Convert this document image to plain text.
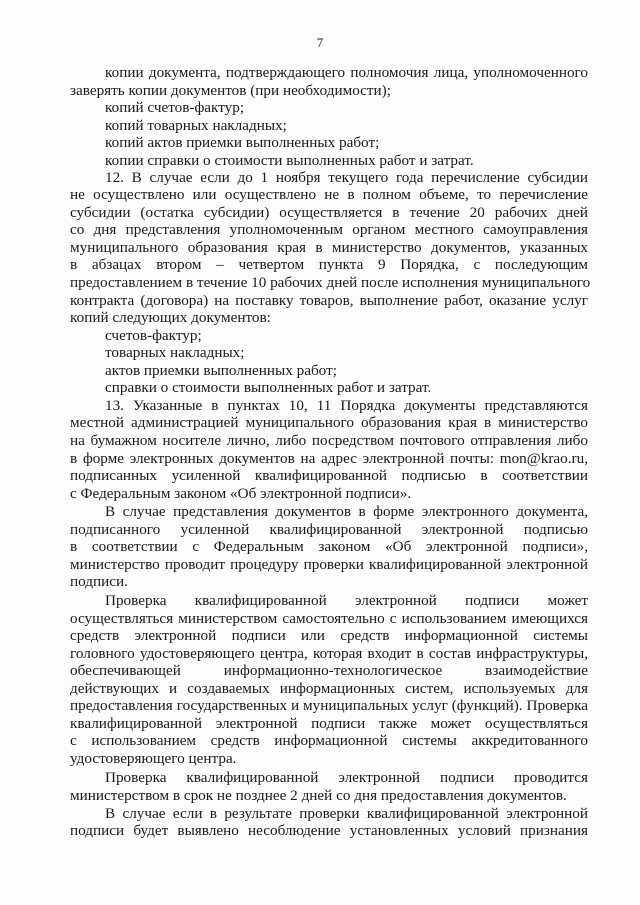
7
копии документа, подтверждающего полномочия лица, уполномоченного
заверять копии документов (при необходимости);
копий счетов-фактур;
копий товарных накладных;
копий актов приемки выполненных работ;
копии справки о стоимости выполненных работ и затрат.
12. В случае если до 1 ноября текущего года перечисление субсидии
не осуществлено или осуществлено не в полном объеме, то перечисление
субсидии (остатка субсидии) осуществляется в течение 20 рабочих дней
со дня представления уполномоченным органом местного самоуправления
муниципального образования края в министерство документов, указанных
в абзацах втором – четвертом пункта 9 Порядка, с последующим
предоставлением в течение 10 рабочих дней после исполнения муниципального
контракта (договора) на поставку товаров, выполнение работ, оказание услуг
копий следующих документов:
счетов-фактур;
товарных накладных;
актов приемки выполненных работ;
справки о стоимости выполненных работ и затрат.
13. Указанные в пунктах 10, 11 Порядка документы представляются
местной администрацией муниципального образования края в министерство
на бумажном носителе лично, либо посредством почтового отправления либо
в форме электронных документов на адрес электронной почты: mon@krao.ru,
подписанных усиленной квалифицированной подписью в соответствии
с Федеральным законом «Об электронной подписи».
В случае представления документов в форме электронного документа,
подписанного усиленной квалифицированной электронной подписью
в соответствии с Федеральным законом «Об электронной подписи»,
министерство проводит процедуру проверки квалифицированной электронной
подписи.
Проверка квалифицированной электронной подписи может
осуществляться министерством самостоятельно с использованием имеющихся
средств электронной подписи или средств информационной системы
головного удостоверяющего центра, которая входит в состав инфраструктуры,
обеспечивающей информационно-технологическое взаимодействие
действующих и создаваемых информационных систем, используемых для
предоставления государственных и муниципальных услуг (функций). Проверка
квалифицированной электронной подписи также может осуществляться
с использованием средств информационной системы аккредитованного
удостоверяющего центра.
Проверка квалифицированной электронной подписи проводится
министерством в срок не позднее 2 дней со дня предоставления документов.
В случае если в результате проверки квалифицированной электронной
подписи будет выявлено несоблюдение установленных условий признания
